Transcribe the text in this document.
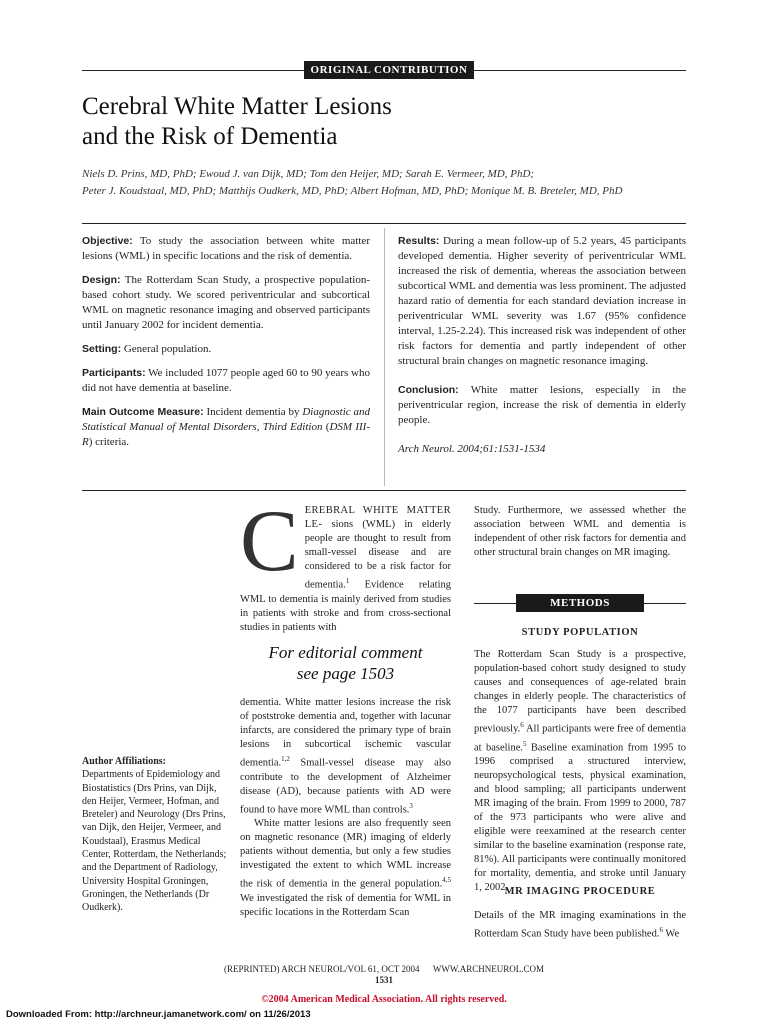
ORIGINAL CONTRIBUTION
Cerebral White Matter Lesions
and the Risk of Dementia
Niels D. Prins, MD, PhD; Ewoud J. van Dijk, MD; Tom den Heijer, MD; Sarah E. Vermeer, MD, PhD;
Peter J. Koudstaal, MD, PhD; Matthijs Oudkerk, MD, PhD; Albert Hofman, MD, PhD; Monique M. B. Breteler, MD, PhD

Objective: To study the association between white matter lesions (WML) in specific locations and the risk of dementia.

Design: The Rotterdam Scan Study, a prospective population-based cohort study. We scored periventricular and subcortical WML on magnetic resonance imaging and observed participants until January 2002 for incident dementia.

Setting: General population.

Participants: We included 1077 people aged 60 to 90 years who did not have dementia at baseline.

Main Outcome Measure: Incident dementia by Diagnostic and Statistical Manual of Mental Disorders, Third Edition (DSM III-R) criteria.

Results: During a mean follow-up of 5.2 years, 45 participants developed dementia. Higher severity of periventricular WML increased the risk of dementia, whereas the association between subcortical WML and dementia was less prominent. The adjusted hazard ratio of dementia for each standard deviation increase in periventricular WML severity was 1.67 (95% confidence interval, 1.25-2.24). This increased risk was independent of other risk factors for dementia and partly independent of other structural brain changes on magnetic resonance imaging.

Conclusion: White matter lesions, especially in the periventricular region, increase the risk of dementia in elderly people.

Arch Neurol. 2004;61:1531-1534

CEREBRAL WHITE MATTER LE- sions (WML) in elderly people are thought to result from small-vessel disease and are considered to be a risk factor for dementia.$^1$ Evidence relating WML to dementia is mainly derived from studies in patients with stroke and from cross-sectional studies in patients with

For editorial comment
see page 1503

dementia. White matter lesions increase the risk of poststroke dementia and, together with lacunar infarcts, are considered the primary type of brain lesions in subcortical ischemic vascular dementia.$^{1,2}$ Small-vessel disease may also contribute to the development of Alzheimer disease (AD), because patients with AD were found to have more WML than controls.$^3$

White matter lesions are also frequently seen on magnetic resonance (MR) imaging of elderly patients without dementia, but only a few studies investigated the extent to which WML increase the risk of dementia in the general population.$^{4,5}$ We investigated the risk of dementia for WML in specific locations in the Rotterdam Scan

Author Affiliations:
Departments of Epidemiology and Biostatistics (Drs Prins, van Dijk, den Heijer, Vermeer, Hofman, and Breteler) and Neurology (Drs Prins, van Dijk, den Heijer, Vermeer, and Koudstaal), Erasmus Medical Center, Rotterdam, the Netherlands; and the Department of Radiology, University Hospital Groningen, Groningen, the Netherlands (Dr Oudkerk).

Study. Furthermore, we assessed whether the association between WML and dementia is independent of other risk factors for dementia and other structural brain changes on MR imaging.

METHODS
STUDY POPULATION

The Rotterdam Scan Study is a prospective, population-based cohort study designed to study causes and consequences of age-related brain changes in elderly people. The characteristics of the 1077 participants have been described previously.$^6$ All participants were free of dementia at baseline.$^5$ Baseline examination from 1995 to 1996 comprised a structured interview, neuropsychological tests, physical examination, and blood sampling; all participants underwent MR imaging of the brain. From 1999 to 2000, 787 of the 973 participants who were alive and eligible were reexamined at the research center similar to the baseline examination (response rate, 81%). All participants were continually monitored for mortality, dementia, and stroke until January 1, 2002.

MR IMAGING PROCEDURE

Details of the MR imaging examinations in the Rotterdam Scan Study have been published.$^6$ We

(REPRINTED) ARCH NEUROL/VOL 61, OCT 2004 WWW.ARCHNEUROL.COM
1531
©2004 American Medical Association. All rights reserved.
Downloaded From: http://archneur.jamanetwork.com/ on 11/26/2013
